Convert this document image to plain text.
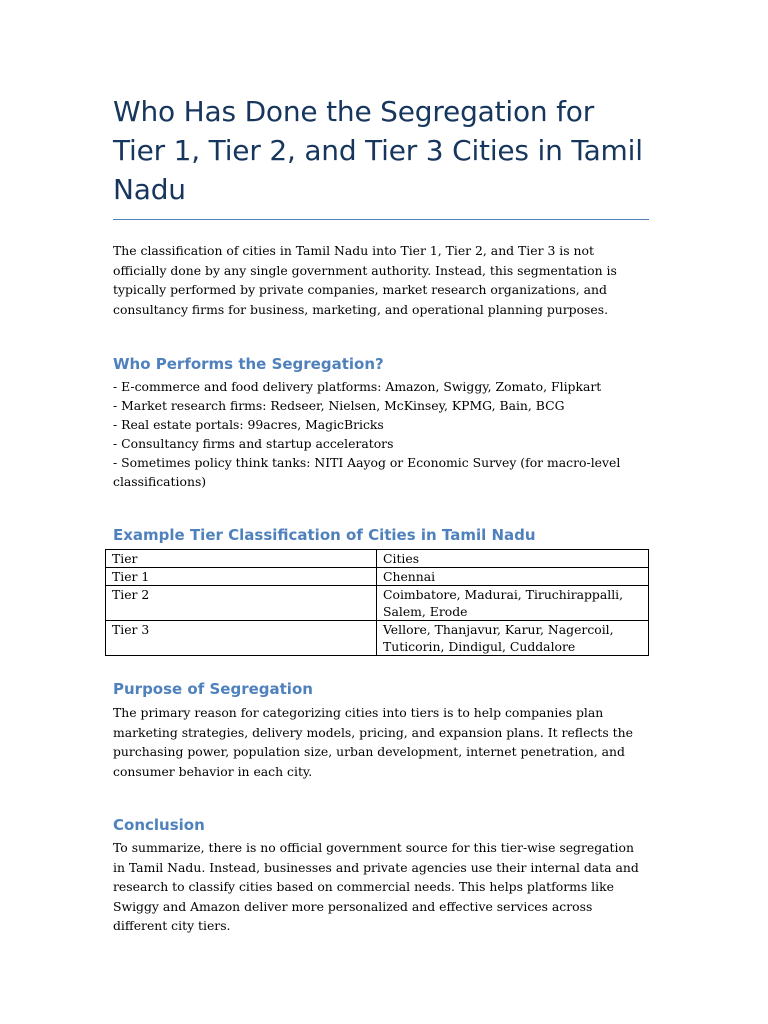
Who Has Done the Segregation for Tier 1, Tier 2, and Tier 3 Cities in Tamil Nadu

The classification of cities in Tamil Nadu into Tier 1, Tier 2, and Tier 3 is not officially done by any single government authority. Instead, this segmentation is typically performed by private companies, market research organizations, and consultancy firms for business, marketing, and operational planning purposes.

Who Performs the Segregation?
- E-commerce and food delivery platforms: Amazon, Swiggy, Zomato, Flipkart
- Market research firms: Redseer, Nielsen, McKinsey, KPMG, Bain, BCG
- Real estate portals: 99acres, MagicBricks
- Consultancy firms and startup accelerators
- Sometimes policy think tanks: NITI Aayog or Economic Survey (for macro-level classifications)
Example Tier Classification of Cities in Tamil Nadu
Tier	Cities
Tier 1	Chennai
Tier 2	Coimbatore, Madurai, Tiruchirappalli, Salem, Erode
Tier 3	Vellore, Thanjavur, Karur, Nagercoil, Tuticorin, Dindigul, Cuddalore
Purpose of Segregation

The primary reason for categorizing cities into tiers is to help companies plan marketing strategies, delivery models, pricing, and expansion plans. It reflects the purchasing power, population size, urban development, internet penetration, and consumer behavior in each city.

Conclusion

To summarize, there is no official government source for this tier-wise segregation in Tamil Nadu. Instead, businesses and private agencies use their internal data and research to classify cities based on commercial needs. This helps platforms like Swiggy and Amazon deliver more personalized and effective services across different city tiers.
